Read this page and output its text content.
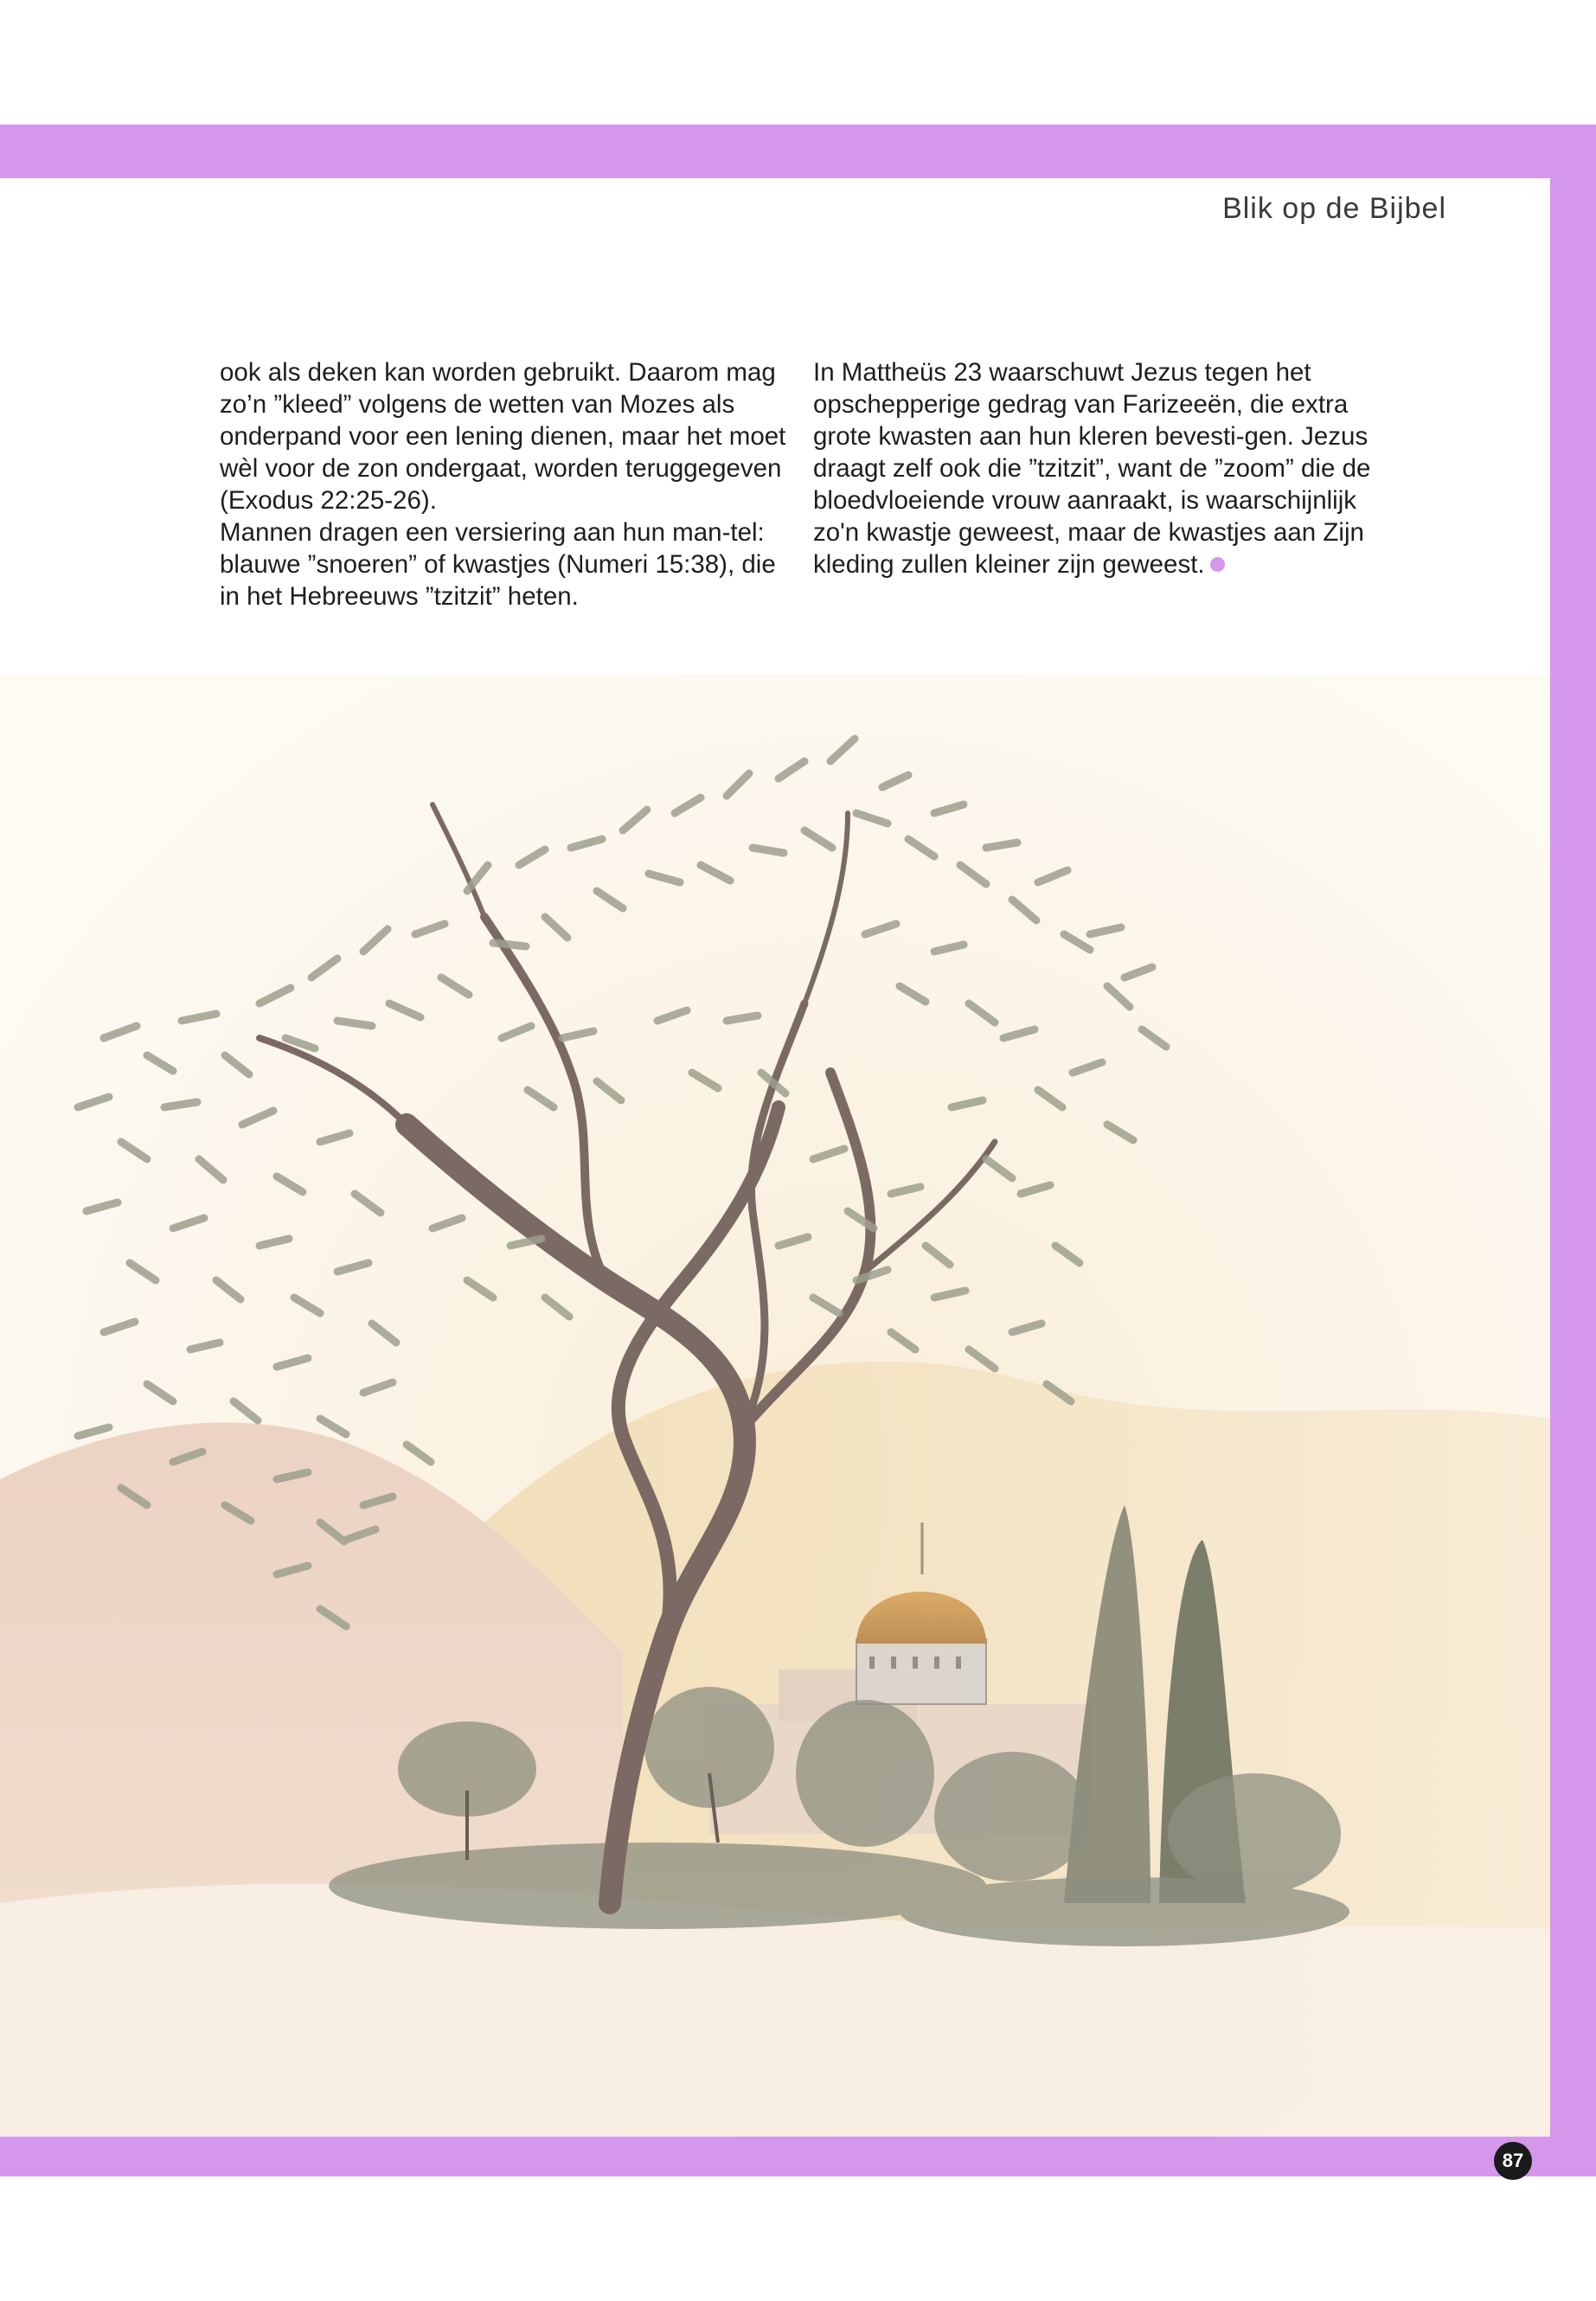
Blik op de Bijbel

ook als deken kan worden gebruikt. Daarom mag zo’n ”kleed” volgens de wetten van Mozes als onderpand voor een lening dienen, maar het moet wèl voor de zon ondergaat, worden teruggegeven (Exodus 22:25-26).

Mannen dragen een versiering aan hun man-tel: blauwe ”snoeren” of kwastjes (Numeri 15:38), die in het Hebreeuws ”tzitzit” heten.

In Mattheüs 23 waarschuwt Jezus tegen het opschepperige gedrag van Farizeeën, die extra grote kwasten aan hun kleren bevesti-gen. Jezus draagt zelf ook die ”tzitzit”, want de ”zoom” die de bloedvloeiende vrouw aanraakt, is waarschijnlijk zo'n kwastje geweest, maar de kwastjes aan Zijn kleding zullen kleiner zijn geweest.

87
